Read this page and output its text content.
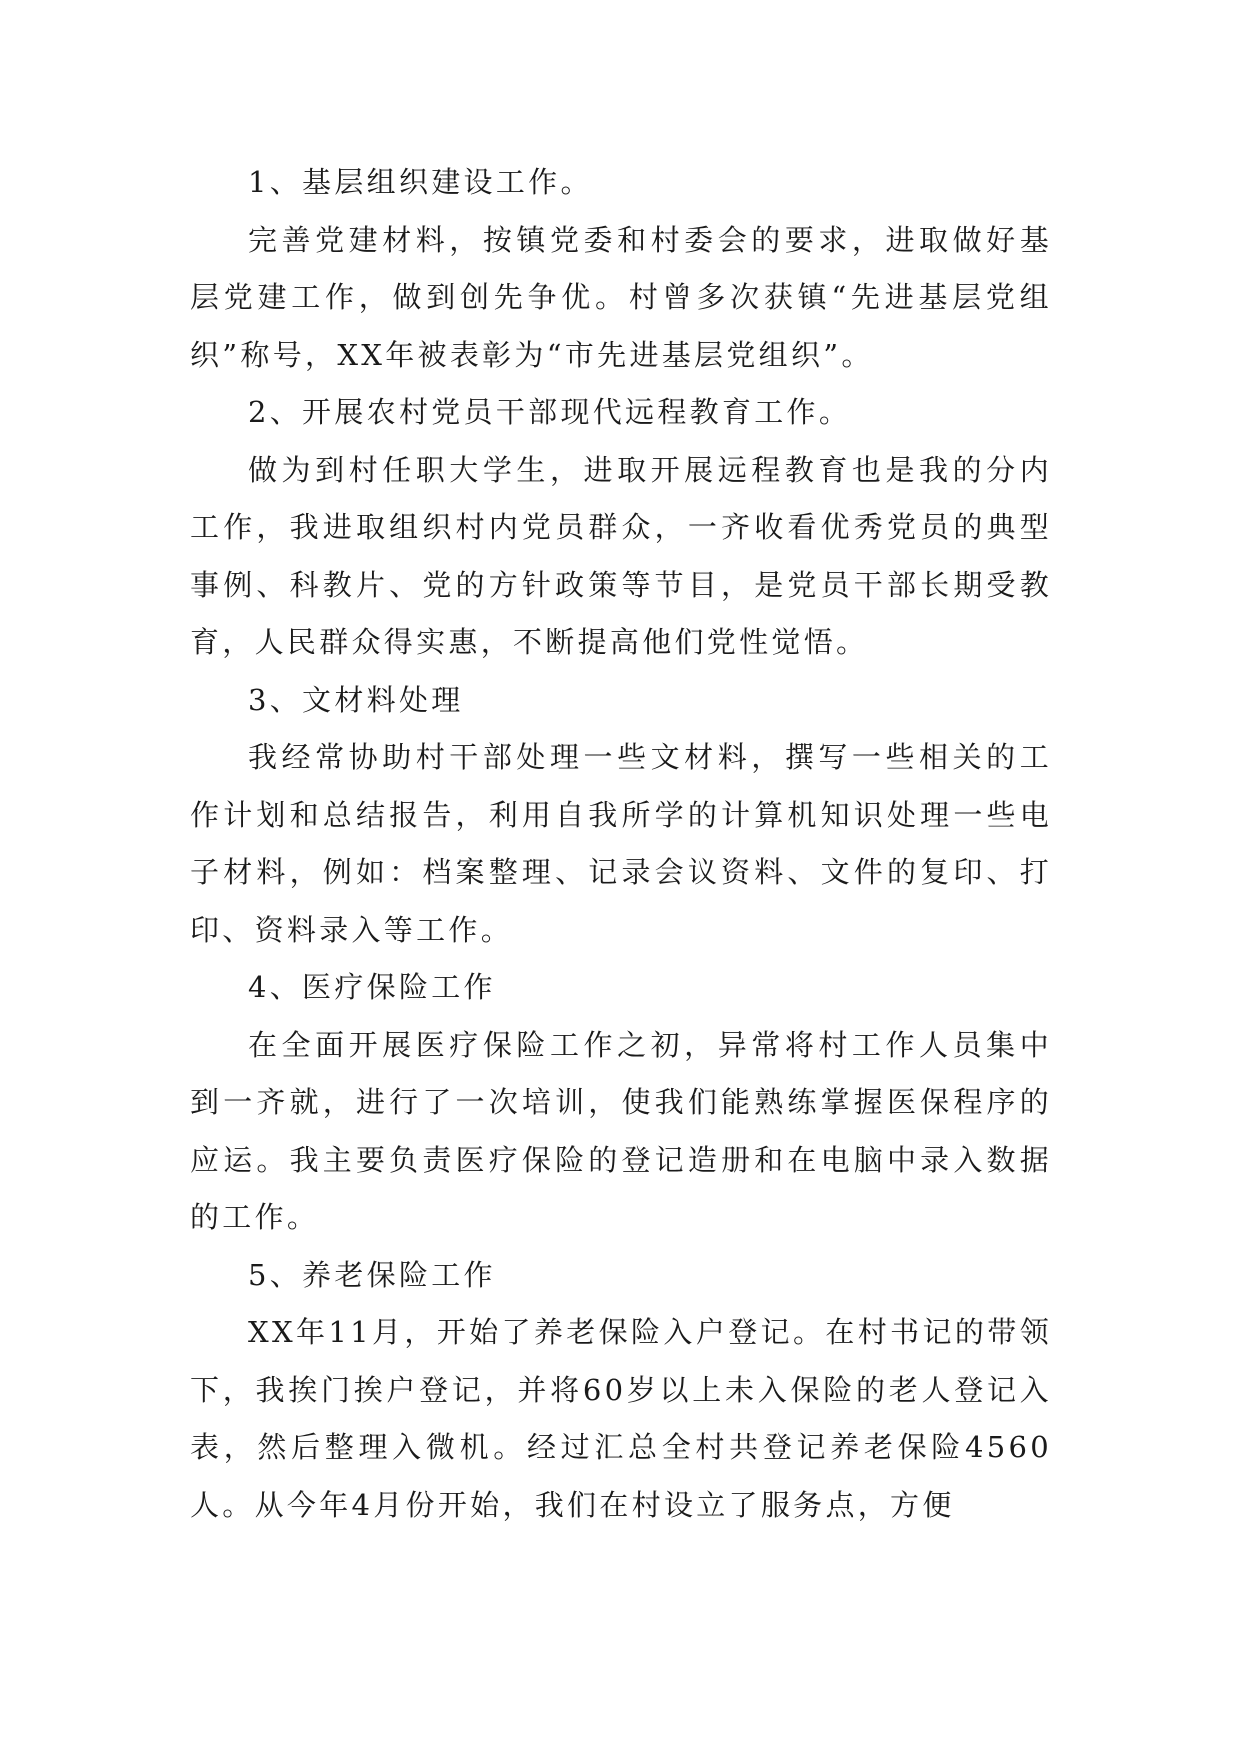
1、基层组织建设工作。

完善党建材料，按镇党委和村委会的要求，进取做好基层党建工作，做到创先争优。村曾多次获镇“先进基层党组织”称号，XX年被表彰为“市先进基层党组织”。

2、开展农村党员干部现代远程教育工作。

做为到村任职大学生，进取开展远程教育也是我的分内工作，我进取组织村内党员群众，一齐收看优秀党员的典型事例、科教片、党的方针政策等节目，是党员干部长期受教育，人民群众得实惠，不断提高他们党性觉悟。

3、文材料处理

我经常协助村干部处理一些文材料，撰写一些相关的工作计划和总结报告，利用自我所学的计算机知识处理一些电子材料，例如：档案整理、记录会议资料、文件的复印、打印、资料录入等工作。

4、医疗保险工作

在全面开展医疗保险工作之初，异常将村工作人员集中到一齐就，进行了一次培训，使我们能熟练掌握医保程序的应运。我主要负责医疗保险的登记造册和在电脑中录入数据的工作。

5、养老保险工作

XX年11月，开始了养老保险入户登记。在村书记的带领下，我挨门挨户登记，并将60岁以上未入保险的老人登记入表，然后整理入微机。经过汇总全村共登记养老保险4560人。从今年4月份开始，我们在村设立了服务点，方便
